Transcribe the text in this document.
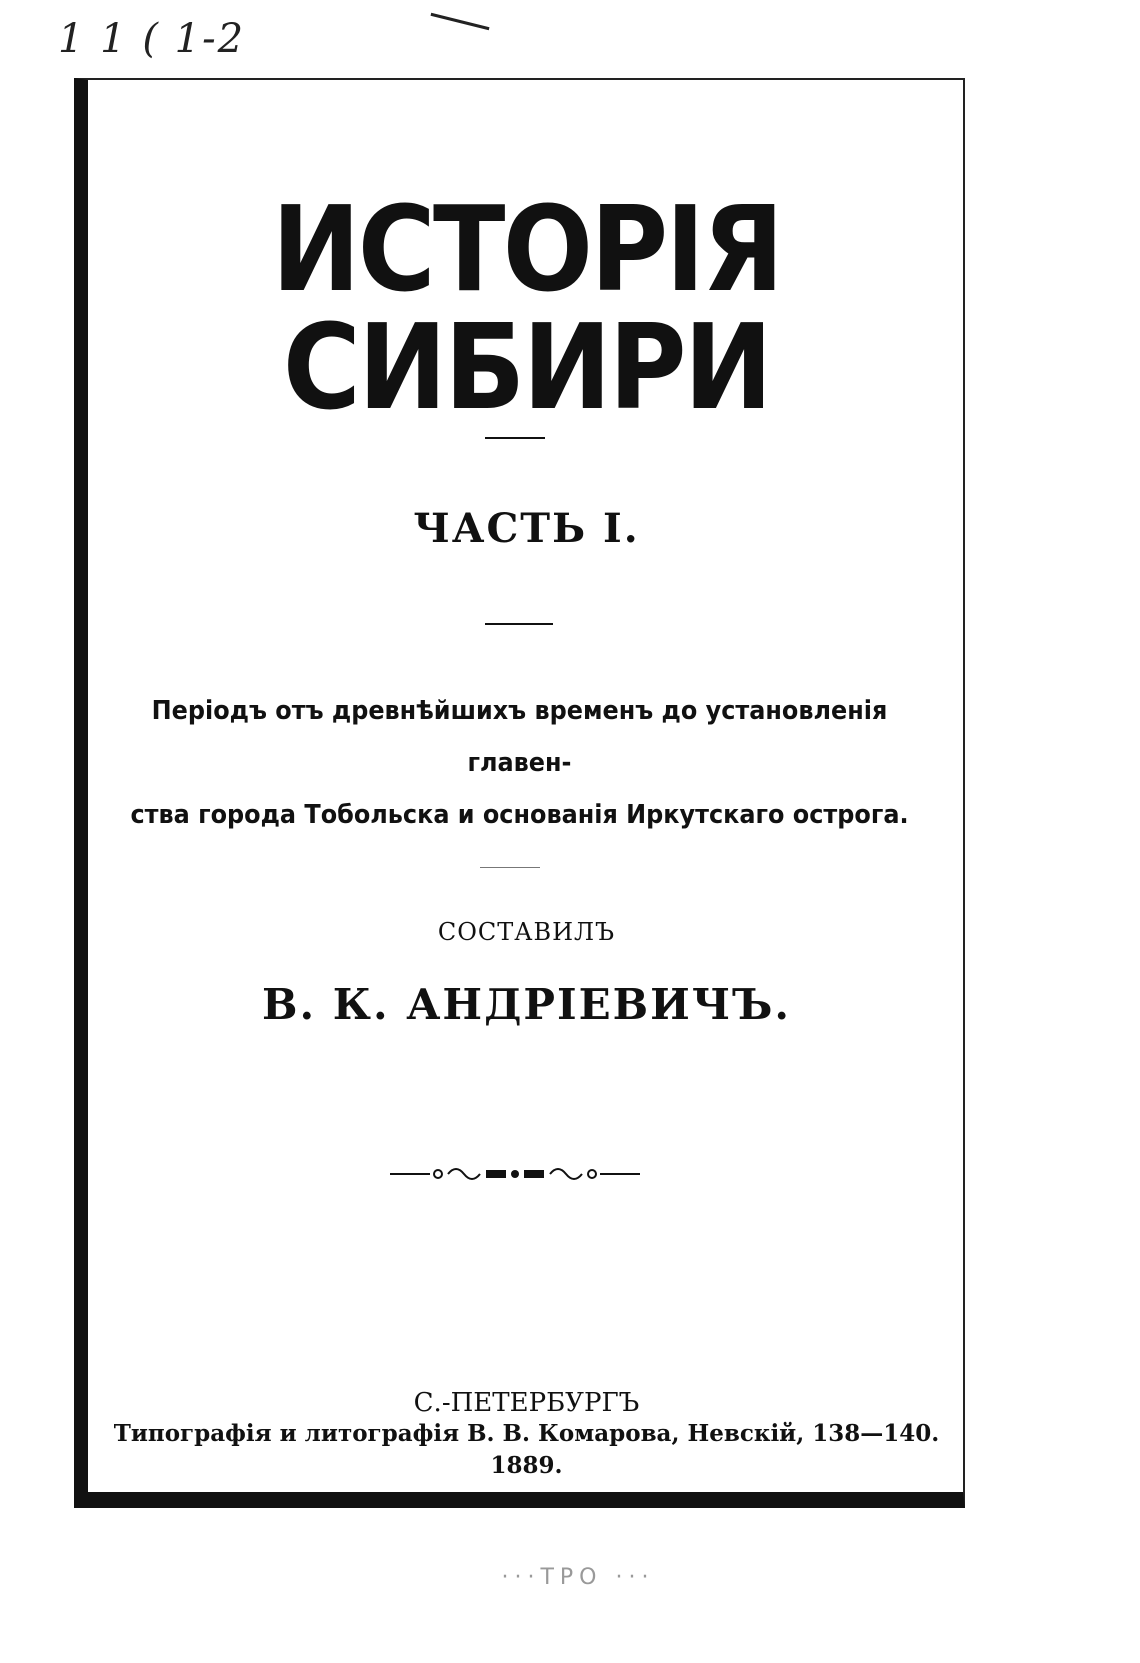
1 1 ( 1-2
ИСТОРІЯ СИБИРИ
ЧАСТЬ І.
Періодъ отъ древнѣйшихъ временъ до установленія главен-
ства города Тобольска и основанія Иркутскаго острога.
СОСТАВИЛЪ
В. К. АНДРІЕВИЧЪ.
С.-ПЕТЕРБУРГЪ
Типографія и литографія В. В. Комарова, Невскій, 138—140.
1889.
···ТРО ···
